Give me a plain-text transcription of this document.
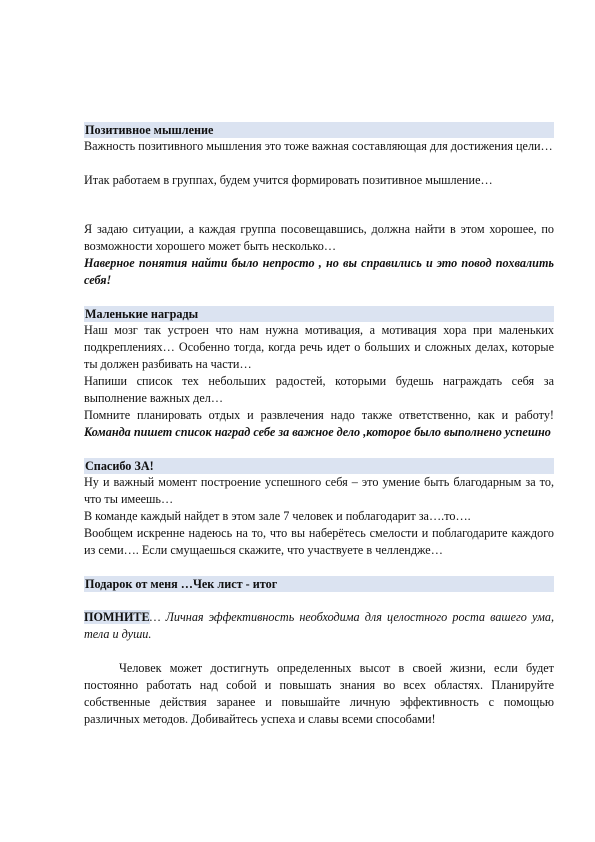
Позитивное мышление

Важность позитивного мышления это тоже важная составляющая для достижения цели…

Итак работаем в группах, будем учится формировать позитивное мышление…

Я задаю ситуации, а каждая группа посовещавшись, должна найти в этом хорошее, по возможности хорошего может быть несколько…

Наверное понятия найти было непросто , но вы справились и это повод похвалить себя!

Маленькие награды

Наш мозг так устроен что нам нужна мотивация, а мотивация хора при маленьких подкреплениях… Особенно тогда, когда речь идет о больших и сложных делах, которые ты должен разбивать на части…

Напиши список тех небольших радостей, которыми будешь награждать себя за выполнение важных дел…

Помните планировать отдых и развлечения надо также ответственно, как и работу! Команда пишет список наград себе за важное дело ,которое было выполнено успешно

Спасибо ЗА!

Ну и важный момент построение успешного себя – это умение быть благодарным за то, что ты имеешь…

В команде каждый найдет в этом зале 7 человек и поблагодарит за….то….

Вообщем искренне надеюсь на то, что вы наберётесь смелости и поблагодарите каждого из семи…. Если смущаешься скажите, что участвуете в челлендже…

Подарок от меня …Чек лист - итог

ПОМНИТЕ… Личная эффективность необходима для целостного роста вашего ума, тела и души.

Человек может достигнуть определенных высот в своей жизни, если будет постоянно работать над собой и повышать знания во всех областях. Планируйте собственные действия заранее и повышайте личную эффективность с помощью различных методов. Добивайтесь успеха и славы всеми способами!
